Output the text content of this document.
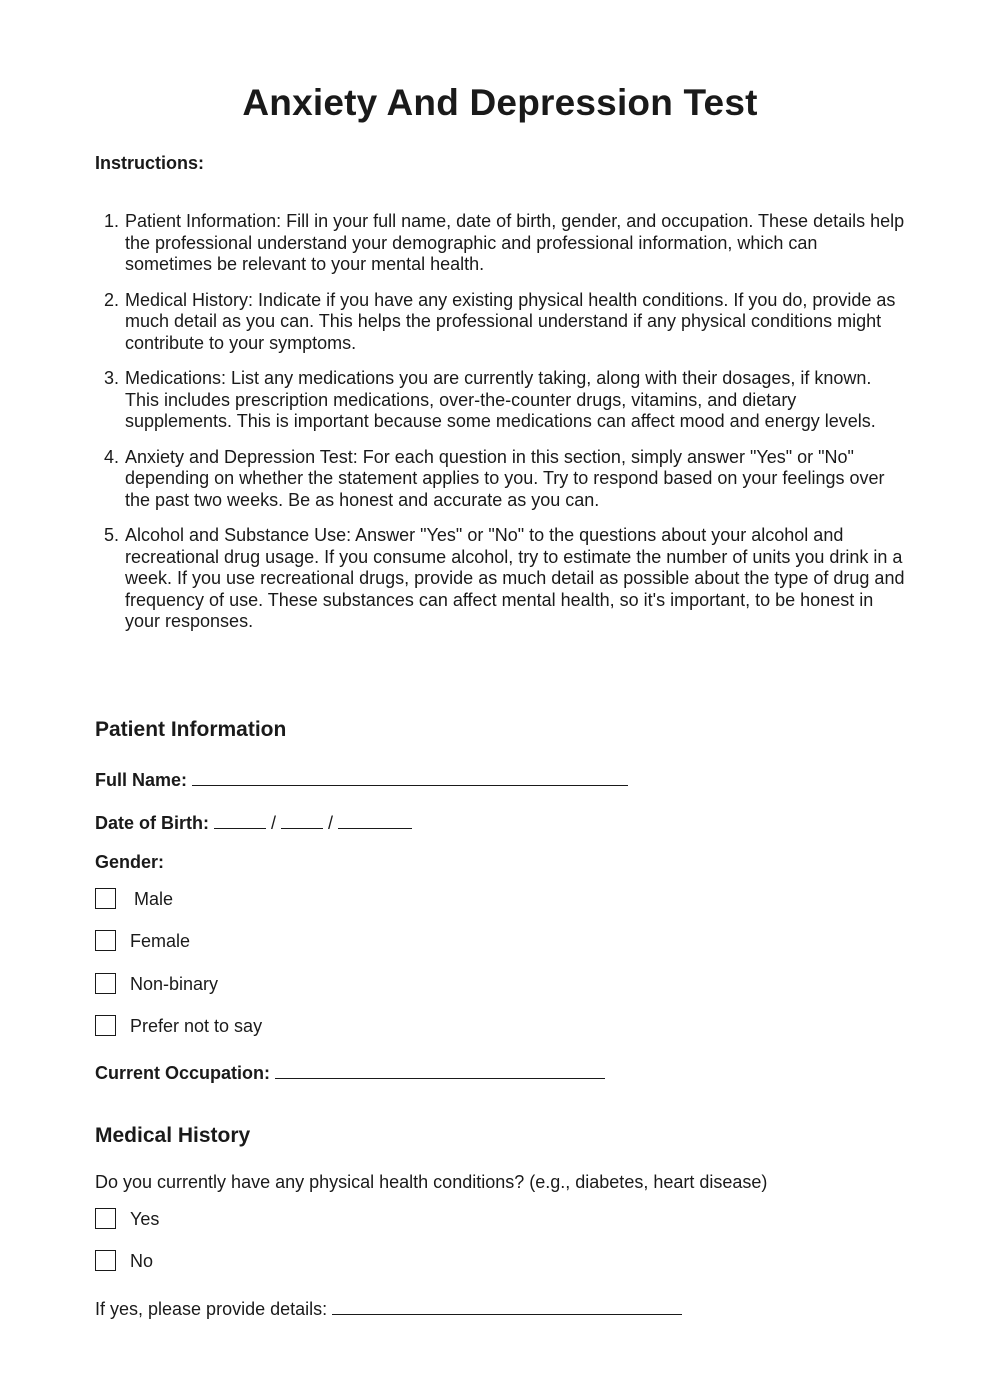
Anxiety And Depression Test
Instructions:
1. Patient Information: Fill in your full name, date of birth, gender, and occupation. These details help the professional understand your demographic and professional information, which can sometimes be relevant to your mental health.
2. Medical History: Indicate if you have any existing physical health conditions. If you do, provide as much detail as you can. This helps the professional understand if any physical conditions might contribute to your symptoms.
3. Medications: List any medications you are currently taking, along with their dosages, if known. This includes prescription medications, over-the-counter drugs, vitamins, and dietary supplements. This is important because some medications can affect mood and energy levels.
4. Anxiety and Depression Test: For each question in this section, simply answer "Yes" or "No" depending on whether the statement applies to you. Try to respond based on your feelings over the past two weeks. Be as honest and accurate as you can.
5. Alcohol and Substance Use: Answer "Yes" or "No" to the questions about your alcohol and recreational drug usage. If you consume alcohol, try to estimate the number of units you drink in a week. If you use recreational drugs, provide as much detail as possible about the type of drug and frequency of use. These substances can affect mental health, so it's important, to be honest in your responses.
Patient Information
Full Name:
Date of Birth:	/	/
Gender:
Male
Female
Non-binary
Prefer not to say
Current Occupation:
Medical History
Do you currently have any physical health conditions? (e.g., diabetes, heart disease)
Yes
No
If yes, please provide details:
